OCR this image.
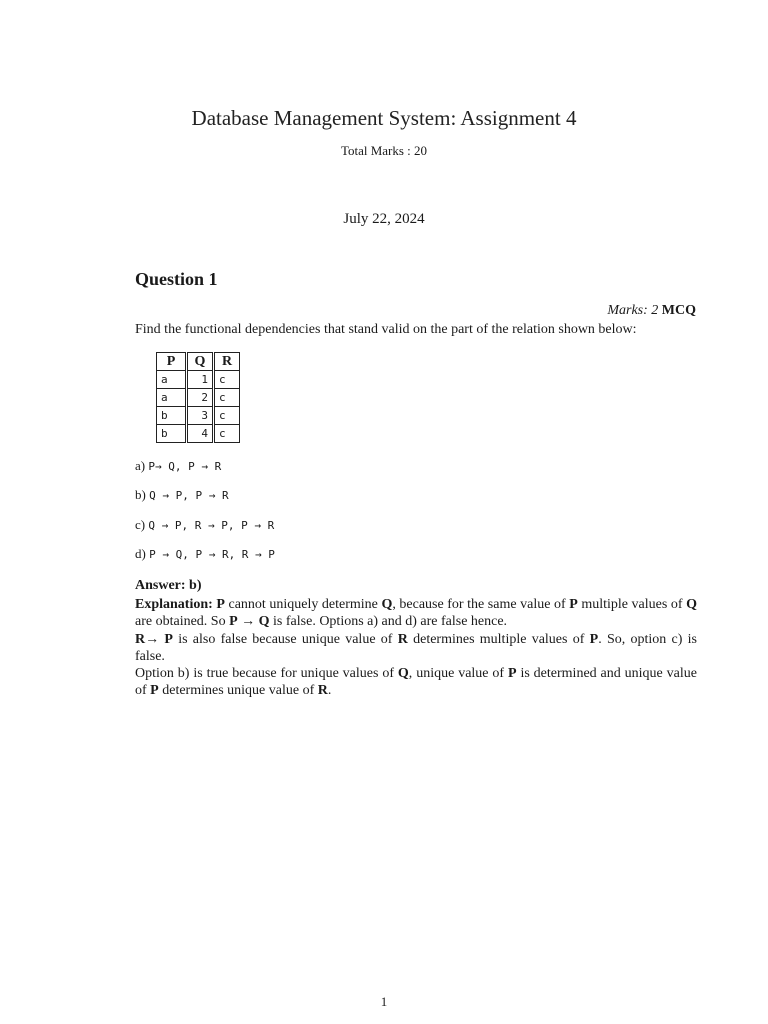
Database Management System: Assignment 4
Total Marks : 20
July 22, 2024
Question 1
Marks: 2 MCQ
Find the functional dependencies that stand valid on the part of the relation shown below:
P	Q	R
a	1	c
a	2	c
b	3	c
b	4	c
a) P→ Q, P → R
b) Q → P, P → R
c) Q → P, R → P, P → R
d) P → Q, P → R, R → P
Answer: b)
Explanation: P cannot uniquely determine Q, because for the same value of P multiple values of Q are obtained. So P → Q is false. Options a) and d) are false hence.
R→ P is also false because unique value of R determines multiple values of P. So, option c) is false.
Option b) is true because for unique values of Q, unique value of P is determined and unique value of P determines unique value of R.
1
